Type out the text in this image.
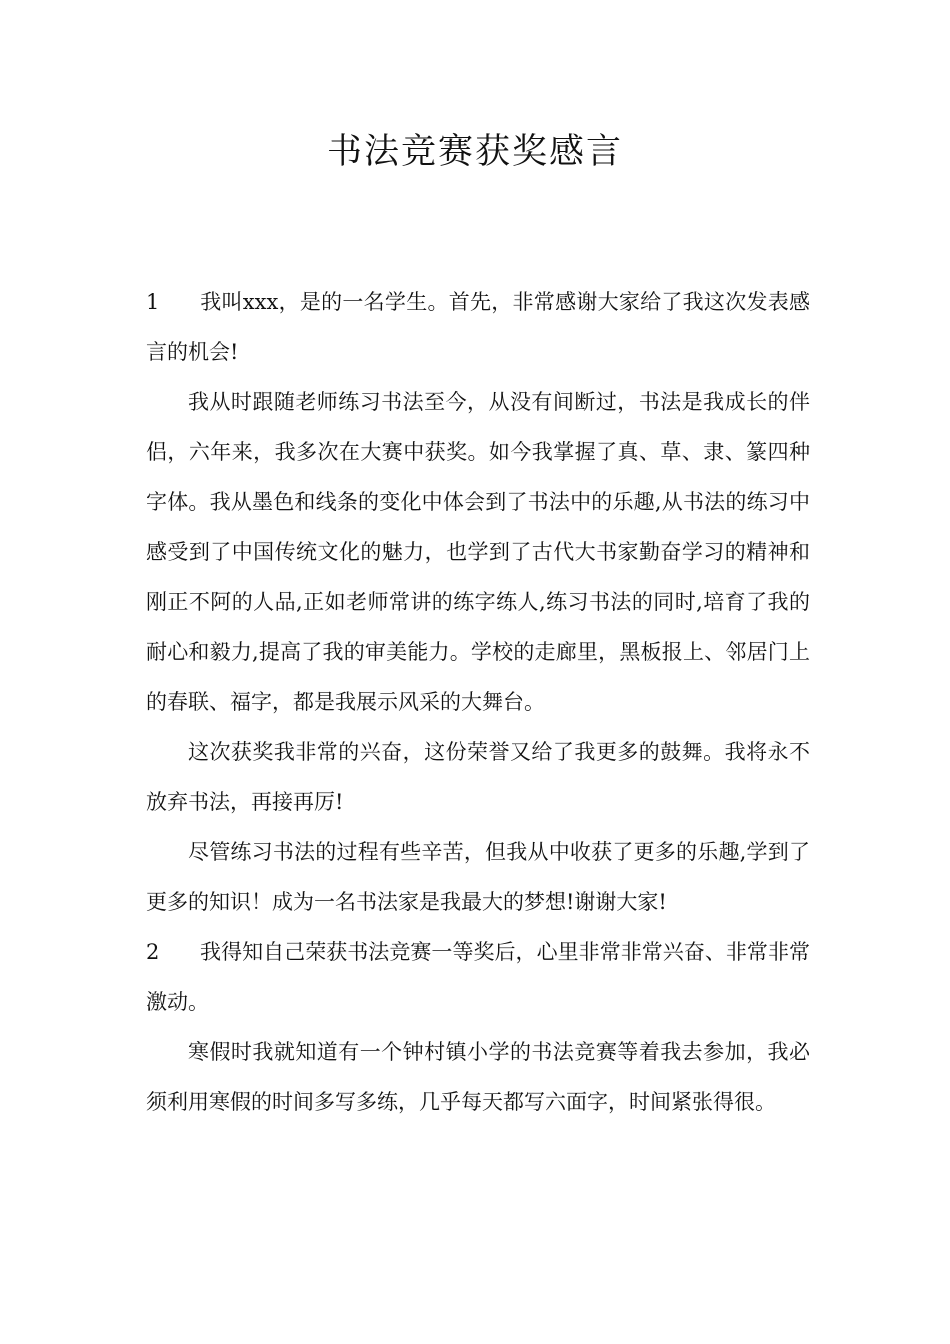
书法竞赛获奖感言

1 我叫xxx，是的一名学生。首先，非常感谢大家给了我这次发表感言的机会!

我从时跟随老师练习书法至今，从没有间断过，书法是我成长的伴侣，六年来，我多次在大赛中获奖。如今我掌握了真、草、隶、篆四种字体。我从墨色和线条的变化中体会到了书法中的乐趣,从书法的练习中感受到了中国传统文化的魅力，也学到了古代大书家勤奋学习的精神和刚正不阿的人品,正如老师常讲的练字练人,练习书法的同时,培育了我的耐心和毅力,提高了我的审美能力。学校的走廊里，黑板报上、邻居门上的春联、福字，都是我展示风采的大舞台。

这次获奖我非常的兴奋，这份荣誉又给了我更多的鼓舞。我将永不放弃书法，再接再厉!

尽管练习书法的过程有些辛苦，但我从中收获了更多的乐趣,学到了更多的知识！成为一名书法家是我最大的梦想!谢谢大家!

2 我得知自己荣获书法竞赛一等奖后，心里非常非常兴奋、非常非常激动。

寒假时我就知道有一个钟村镇小学的书法竞赛等着我去参加，我必须利用寒假的时间多写多练，几乎每天都写六面字，时间紧张得很。
